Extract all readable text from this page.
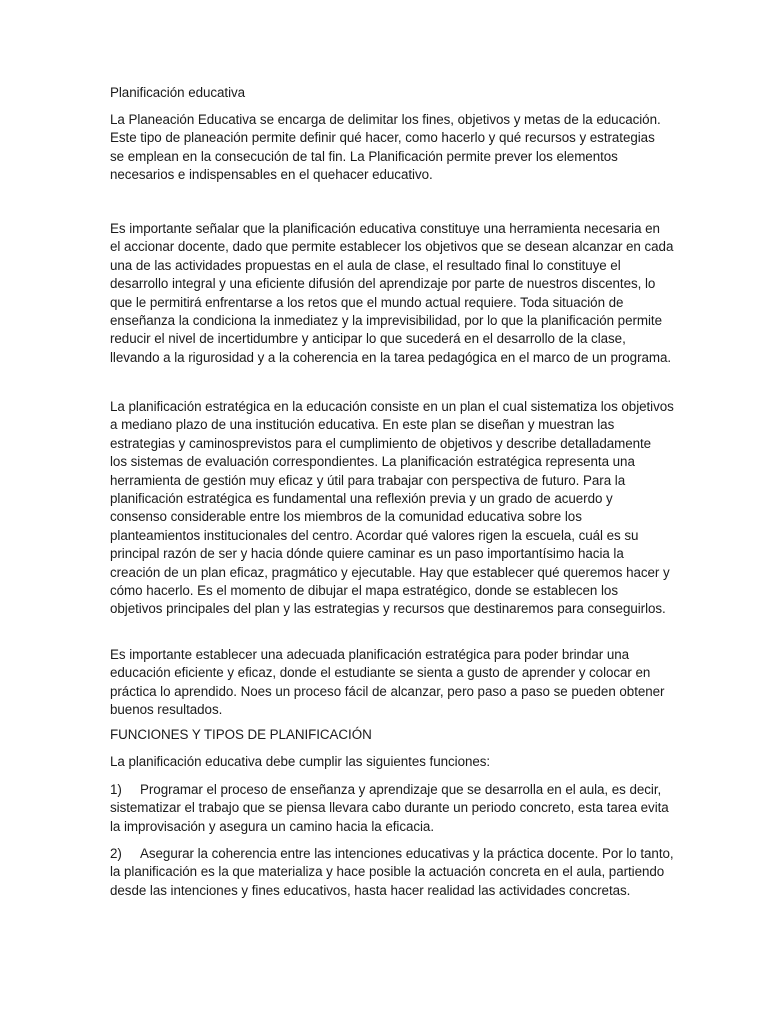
Planificación educativa
La Planeación Educativa se encarga de delimitar los fines, objetivos y metas de la educación.
Este tipo de planeación permite definir qué hacer, como hacerlo y qué recursos y estrategias
se emplean en la consecución de tal fin. La Planificación permite prever los elementos
necesarios e indispensables en el quehacer educativo.
Es importante señalar que la planificación educativa constituye una herramienta necesaria en
el accionar docente, dado que permite establecer los objetivos que se desean alcanzar en cada
una de las actividades propuestas en el aula de clase, el resultado final lo constituye el
desarrollo integral y una eficiente difusión del aprendizaje por parte de nuestros discentes, lo
que le permitirá enfrentarse a los retos que el mundo actual requiere. Toda situación de
enseñanza la condiciona la inmediatez y la imprevisibilidad, por lo que la planificación permite
reducir el nivel de incertidumbre y anticipar lo que sucederá en el desarrollo de la clase,
llevando a la rigurosidad y a la coherencia en la tarea pedagógica en el marco de un programa.
La planificación estratégica en la educación consiste en un plan el cual sistematiza los objetivos
a mediano plazo de una institución educativa. En este plan se diseñan y muestran las
estrategias y caminosprevistos para el cumplimiento de objetivos y describe detalladamente
los sistemas de evaluación correspondientes. La planificación estratégica representa una
herramienta de gestión muy eficaz y útil para trabajar con perspectiva de futuro. Para la
planificación estratégica es fundamental una reflexión previa y un grado de acuerdo y
consenso considerable entre los miembros de la comunidad educativa sobre los
planteamientos institucionales del centro. Acordar qué valores rigen la escuela, cuál es su
principal razón de ser y hacia dónde quiere caminar es un paso importantísimo hacia la
creación de un plan eficaz, pragmático y ejecutable. Hay que establecer qué queremos hacer y
cómo hacerlo. Es el momento de dibujar el mapa estratégico, donde se establecen los
objetivos principales del plan y las estrategias y recursos que destinaremos para conseguirlos.
Es importante establecer una adecuada planificación estratégica para poder brindar una
educación eficiente y eficaz, donde el estudiante se sienta a gusto de aprender y colocar en
práctica lo aprendido. Noes un proceso fácil de alcanzar, pero paso a paso se pueden obtener
buenos resultados.
FUNCIONES Y TIPOS DE PLANIFICACIÓN
La planificación educativa debe cumplir las siguientes funciones:
1) Programar el proceso de enseñanza y aprendizaje que se desarrolla en el aula, es decir,
sistematizar el trabajo que se piensa llevara cabo durante un periodo concreto, esta tarea evita
la improvisación y asegura un camino hacia la eficacia.
2) Asegurar la coherencia entre las intenciones educativas y la práctica docente. Por lo tanto,
la planificación es la que materializa y hace posible la actuación concreta en el aula, partiendo
desde las intenciones y fines educativos, hasta hacer realidad las actividades concretas.
